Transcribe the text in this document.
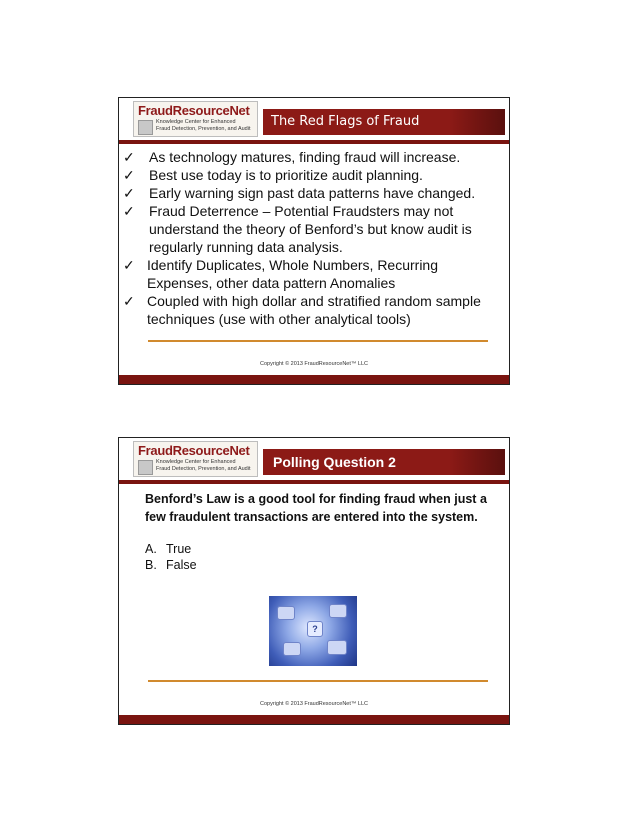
FraudResourceNet
Knowledge Center for Enhanced
Fraud Detection, Prevention, and Audit
The Red Flags of Fraud
✓	As technology matures, finding fraud will increase.
✓	Best use today is to prioritize audit planning.
✓	Early warning sign past data patterns have changed.
✓	Fraud Deterrence – Potential Fraudsters may not understand the theory of Benford’s but know audit is regularly running data analysis.
✓ Identify Duplicates, Whole Numbers, Recurring Expenses, other data pattern Anomalies
✓ Coupled with high dollar and stratified random sample techniques (use with other analytical tools)
Copyright © 2013 FraudResourceNet™ LLC
FraudResourceNet
Knowledge Center for Enhanced
Fraud Detection, Prevention, and Audit	Polling Question 2
Benford’s Law is a good tool for finding fraud when just a few fraudulent transactions are entered into the system.
A. True
B. False
?
Copyright © 2013 FraudResourceNet™ LLC
